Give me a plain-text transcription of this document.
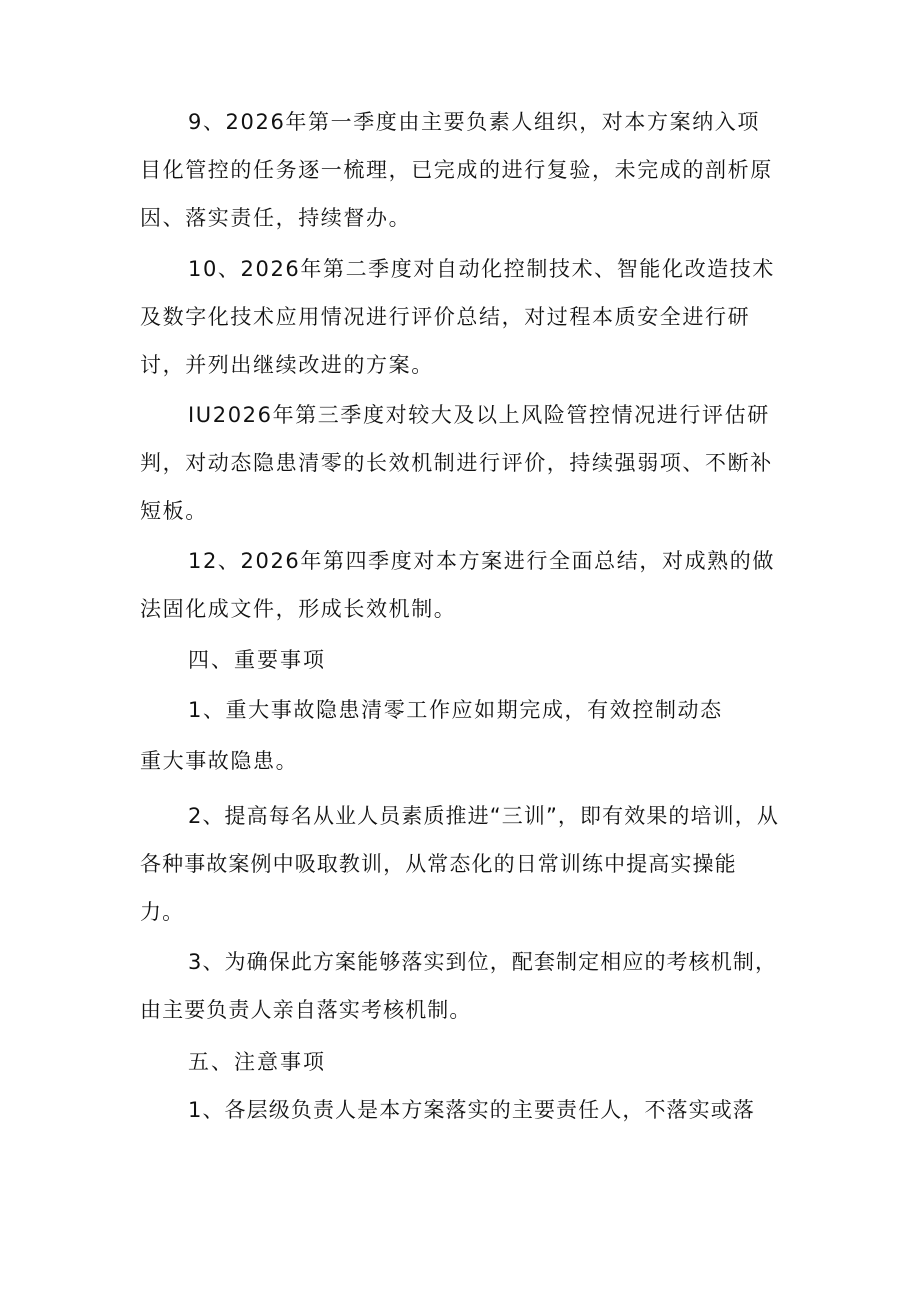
9、2026年第一季度由主要负素人组织，对本方案纳入项目化管控的任务逐一梳理，已完成的进行复验，未完成的剖析原因、落实责任，持续督办。

10、2026年第二季度对自动化控制技术、智能化改造技术及数字化技术应用情况进行评价总结，对过程本质安全进行研讨，并列出继续改进的方案。

IU2026年第三季度对较大及以上风险管控情况进行评估研判，对动态隐患清零的长效机制进行评价，持续强弱项、不断补短板。

12、2026年第四季度对本方案进行全面总结，对成熟的做法固化成文件，形成长效机制。

四、重要事项

1、重大事故隐患清零工作应如期完成，有效控制动态

重大事故隐患。

2、提高每名从业人员素质推进“三训”，即有效果的培训，从各种事故案例中吸取教训，从常态化的日常训练中提高实操能力。

3、为确保此方案能够落实到位，配套制定相应的考核机制，由主要负责人亲自落实考核机制。

五、注意事项

1、各层级负责人是本方案落实的主要责任人，不落实或落
